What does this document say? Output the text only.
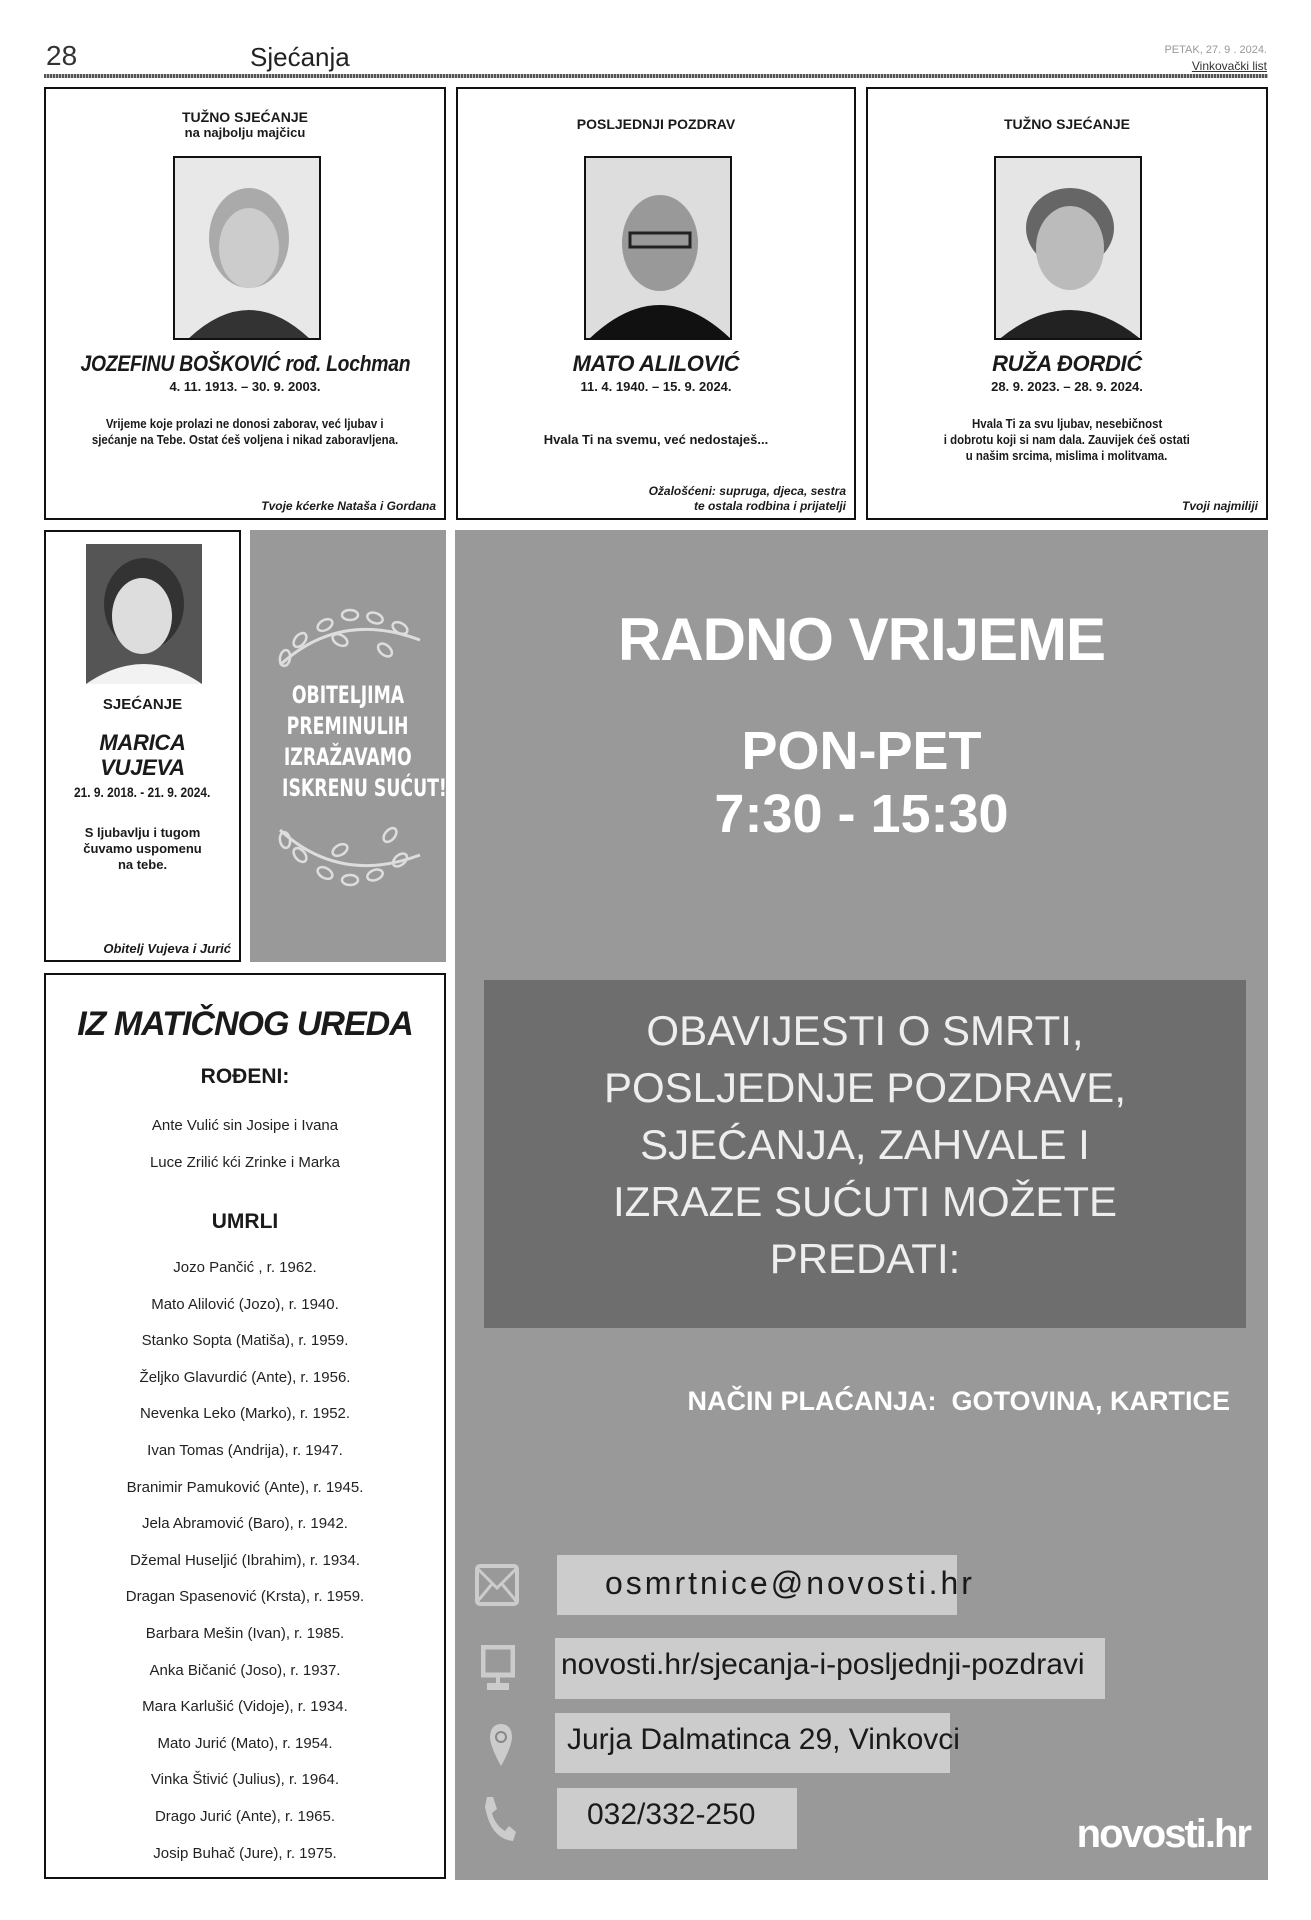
28	Sjećanja	PETAK, 27. 9 . 2024.
Vinkovački list
TUŽNO SJEĆANJE
na najbolju majčicu
JOZEFINU BOŠKOVIĆ rođ. Lochman
4. 11. 1913. – 30. 9. 2003.
Vrijeme koje prolazi ne donosi zaborav, već ljubav i
sjećanje na Tebe. Ostat ćeš voljena i nikad zaboravljena.
Tvoje kćerke Nataša i Gordana
POSLJEDNJI POZDRAV
MATO ALILOVIĆ
11. 4. 1940. – 15. 9. 2024.
Hvala Ti na svemu, već nedostaješ...
Ožalošćeni: supruga, djeca, sestra
te ostala rodbina i prijatelji
TUŽNO SJEĆANJE
RUŽA ĐORDIĆ
28. 9. 2023. – 28. 9. 2024.
Hvala Ti za svu ljubav, nesebičnost
i dobrotu koji si nam dala. Zauvijek ćeš ostati
u našim srcima, mislima i molitvama.
Tvoji najmiliji
SJEĆANJE
MARICA
VUJEVA
21. 9. 2018. - 21. 9. 2024.
S ljubavlju i tugom
čuvamo uspomenu
na tebe.
Obitelj Vujeva i Jurić
OBITELJIMA
PREMINULIH
IZRAŽAVAMO
ISKRENU SUĆUT!
IZ MATIČNOG UREDA
ROĐENI:
Ante Vulić sin Josipe i Ivana
Luce Zrilić kći Zrinke i Marka
UMRLI
Jozo Pančić , r. 1962.
Mato Alilović (Jozo), r. 1940.
Stanko Sopta (Matiša), r. 1959.
Željko Glavurdić (Ante), r. 1956.
Nevenka Leko (Marko), r. 1952.
Ivan Tomas (Andrija), r. 1947.
Branimir Pamuković (Ante), r. 1945.
Jela Abramović (Baro), r. 1942.
Džemal Huseljić (Ibrahim), r. 1934.
Dragan Spasenović (Krsta), r. 1959.
Barbara Mešin (Ivan), r. 1985.
Anka Bičanić (Joso), r. 1937.
Mara Karlušić (Vidoje), r. 1934.
Mato Jurić (Mato), r. 1954.
Vinka Štivić (Julius), r. 1964.
Drago Jurić (Ante), r. 1965.
Josip Buhač (Jure), r. 1975.
RADNO VRIJEME
PON-PET
7:30 - 15:30
OBAVIJESTI O SMRTI,
POSLJEDNJE POZDRAVE,
SJEĆANJA, ZAHVALE I
IZRAZE SUĆUTI MOŽETE
PREDATI:
NAČIN PLAĆANJA:  GOTOVINA, KARTICE
osmrtnice@novosti.hr
novosti.hr/sjecanja-i-posljednji-pozdravi
Jurja Dalmatinca 29, Vinkovci
032/332-250	novosti.hr
